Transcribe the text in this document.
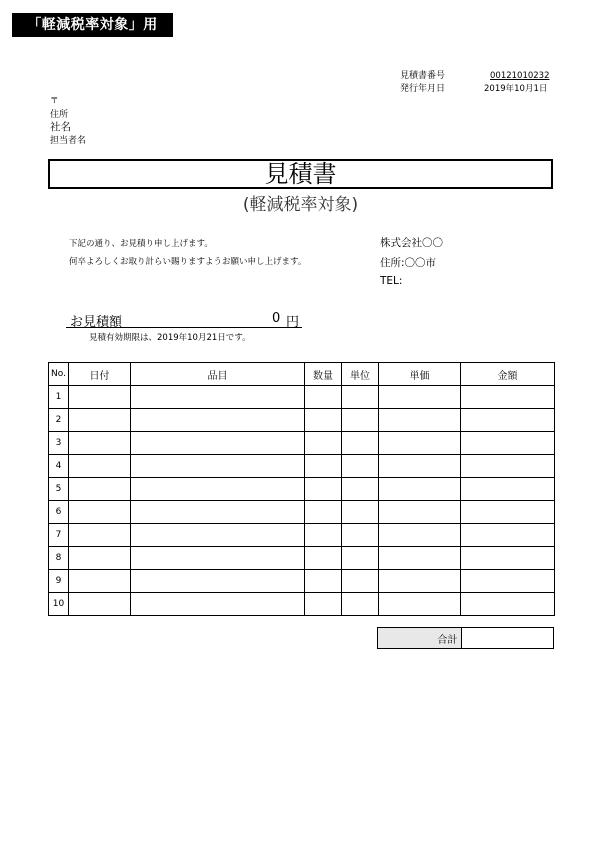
「軽減税率対象」用
見積書番号	00121010232
発行年月日	2019年10月1日
〒
住所
社名
担当者名
見積書
(軽減税率対象)
下記の通り、お見積り申し上げます。
何卒よろしくお取り計らい賜りますようお願い申し上げます。
株式会社〇〇
住所:〇〇市
TEL:
お見積額	0 円
見積有効期限は、2019年10月21日です。
No.	日付	品目	数量	単位	単価	金額
1						
2						
3						
4						
5						
6						
7						
8						
9						
10						
合計	
